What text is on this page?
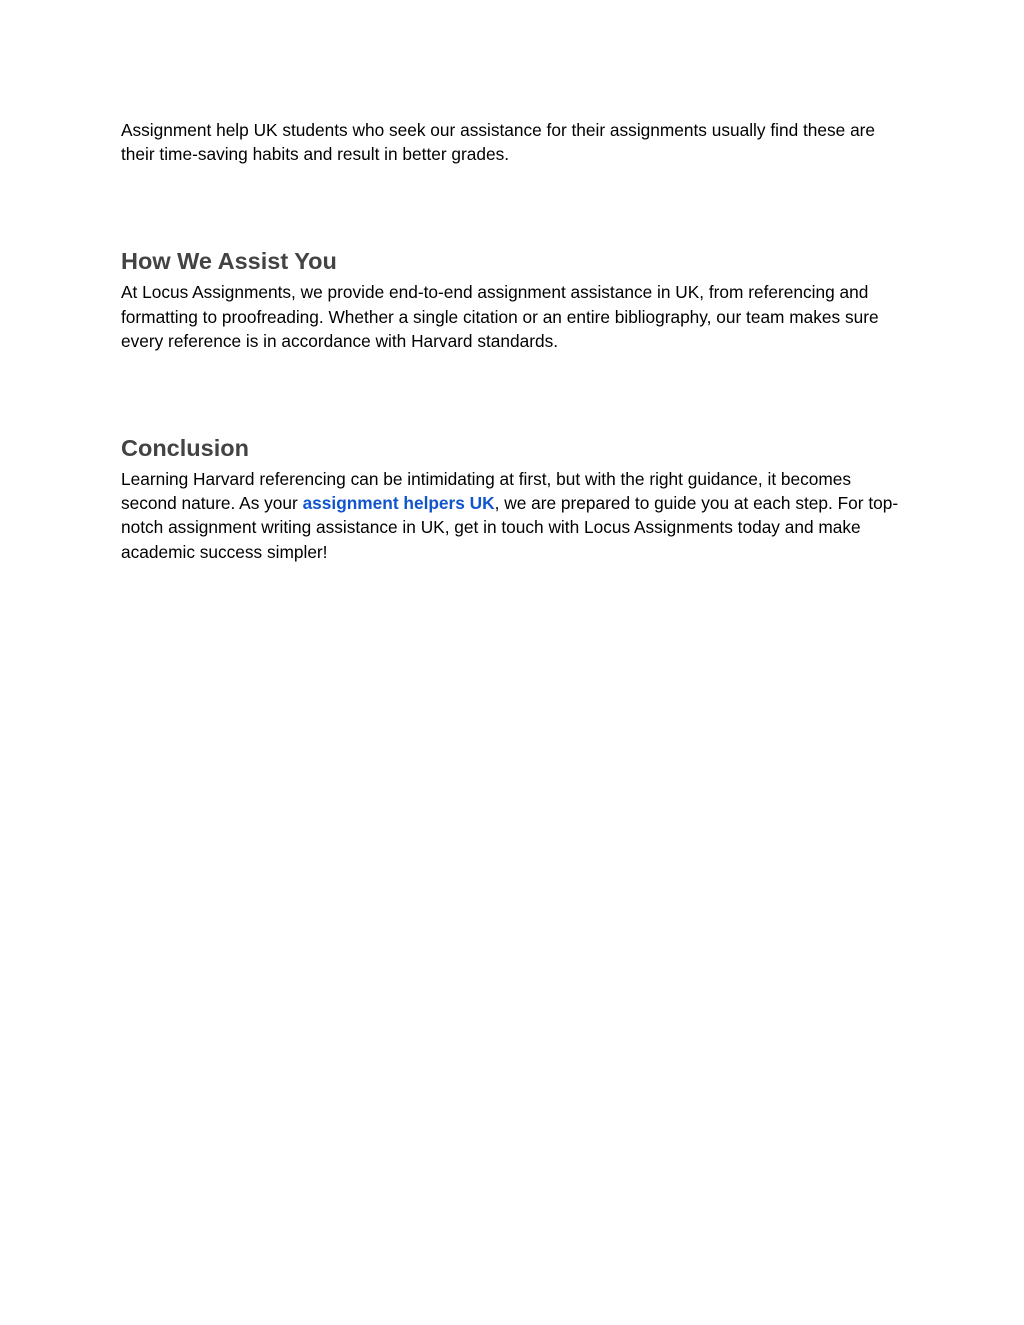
Assignment help UK students who seek our assistance for their assignments usually find these are their time-saving habits and result in better grades.

How We Assist You

At Locus Assignments, we provide end-to-end assignment assistance in UK, from referencing and formatting to proofreading. Whether a single citation or an entire bibliography, our team makes sure every reference is in accordance with Harvard standards.

Conclusion

Learning Harvard referencing can be intimidating at first, but with the right guidance, it becomes second nature. As your assignment helpers UK, we are prepared to guide you at each step. For top-notch assignment writing assistance in UK, get in touch with Locus Assignments today and make academic success simpler!
